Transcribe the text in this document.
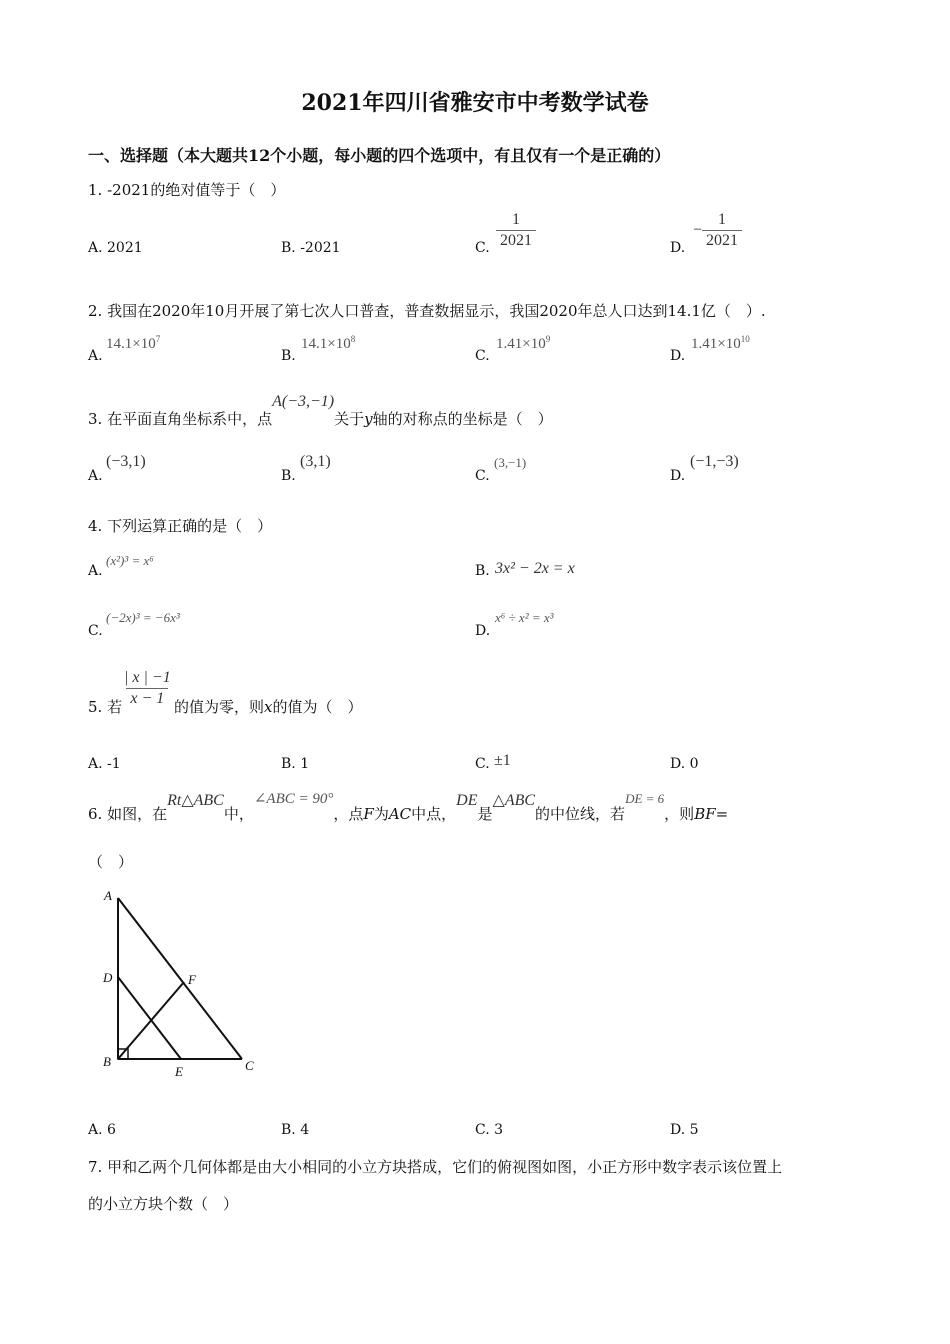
2021年四川省雅安市中考数学试卷
一、选择题（本大题共12个小题，每小题的四个选项中，有且仅有一个是正确的）
1. -2021的绝对值等于（　）
A. 2021	B. -2021	C. $\frac{1}{2021}$	D.
− $\frac{1}{2021}$
2. 我国在2020年10月开展了第七次人口普查，普查数据显示，我国2020年总人口达到14.1亿（　）.
A.
$14.1\times 10^7$
B.
$14.1\times 10^8$
C.
$1.41\times 10^9$
D.
$1.41\times 10^{10}$
3. 在平面直角坐标系中，点A(−3,−1)关于y轴的对称点的坐标是（　）
A.
(−3,1)
B.
(3,1)
C.
(3,−1)
D.
(−1,−3)
4. 下列运算正确的是（　）
A.
(x²)³ = x⁶
B. 3x² − 2x = x
C.
(−2x)³ = −6x³
D.
x⁶ ÷ x² = x³
5. 若
$\frac{| x | -1}{x - 1}$ 的值为零，则x的值为（　）
A. -1	B. 1	C. ±1	D. 0
6. 如图，在Rt△ABC中，∠ABC = 90°，点F为AC中点，DE是△ABC的中位线，若DE = 6，则BF=
（　）
A
D
B
E	C
F
A. 6	B. 4	C. 3	D. 5
7. 甲和乙两个几何体都是由大小相同的小立方块搭成，它们的俯视图如图，小正方形中数字表示该位置上
的小立方块个数（　）
